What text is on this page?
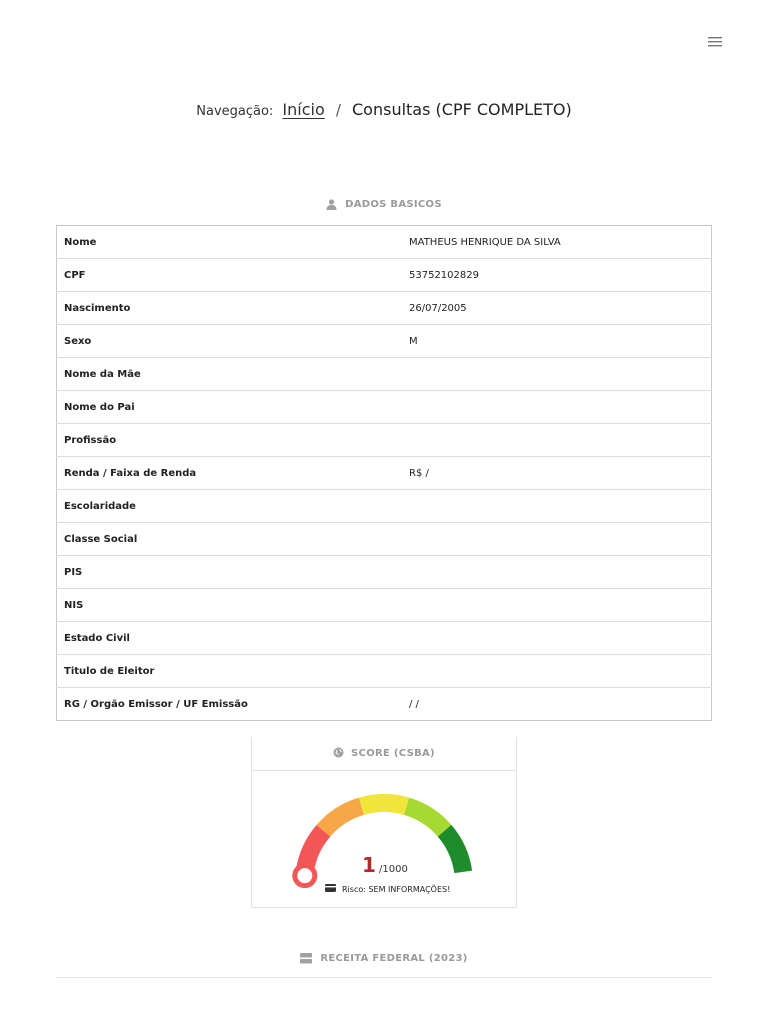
Navegação: Início / Consultas (CPF COMPLETO)
DADOS BASICOS
Nome	MATHEUS HENRIQUE DA SILVA
CPF	53752102829
Nascimento	26/07/2005
Sexo	M
Nome da Mãe	
Nome do Pai	
Profissão	
Renda / Faixa de Renda	R$ /
Escolaridade	
Classe Social	
PIS	
NIS	
Estado Civil	
Titulo de Eleitor	
RG / Orgão Emissor / UF Emissão	/ /
SCORE (CSBA)
1 /1000
Risco: SEM INFORMAÇÕES!
RECEITA FEDERAL (2023)
